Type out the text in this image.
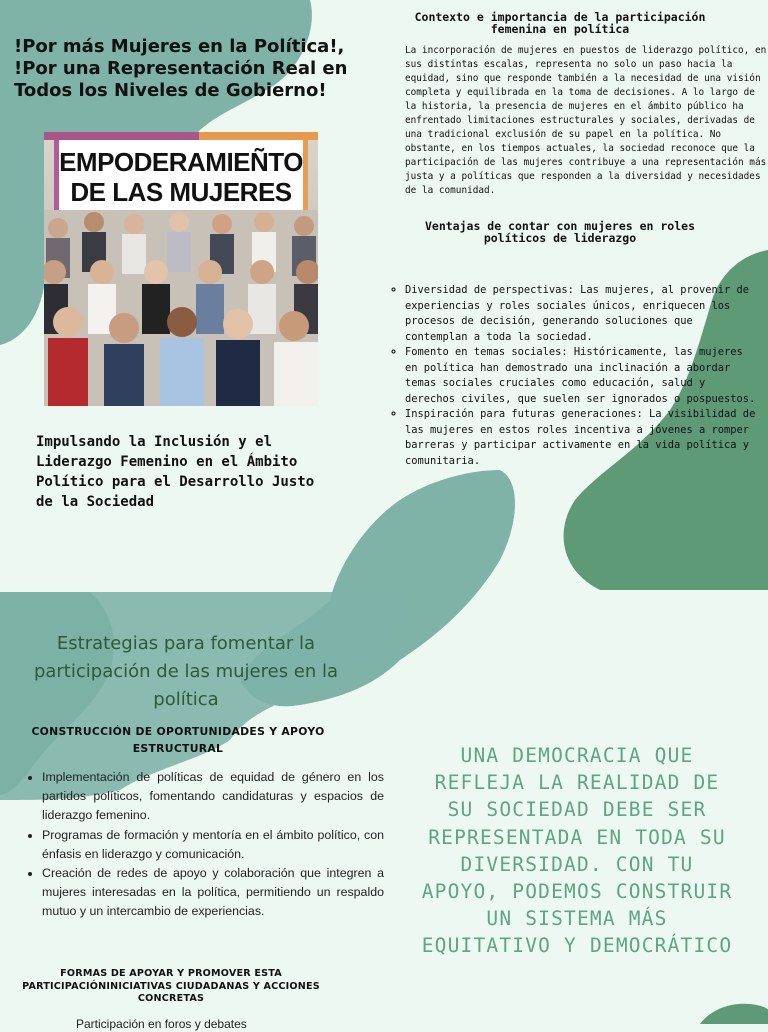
!Por más Mujeres en la Política!, !Por una Representación Real en Todos los Niveles de Gobierno!
EMPODERAMIEÑTO
DE LAS MUJERES
Impulsando la Inclusión y el Liderazgo Femenino en el Ámbito Político para el Desarrollo Justo de la Sociedad
Contexto e importancia de la participación femenina en política
La incorporación de mujeres en puestos de liderazgo político, en sus distintas escalas, representa no solo un paso hacia la equidad, sino que responde también a la necesidad de una visión completa y equilibrada en la toma de decisiones. A lo largo de la historia, la presencia de mujeres en el ámbito público ha enfrentado limitaciones estructurales y sociales, derivadas de una tradicional exclusión de su papel en la política. No obstante, en los tiempos actuales, la sociedad reconoce que la participación de las mujeres contribuye a una representación más justa y a políticas que responden a la diversidad y necesidades de la comunidad.
Ventajas de contar con mujeres en roles políticos de liderazgo
◦ Diversidad de perspectivas: Las mujeres, al provenir de experiencias y roles sociales únicos, enriquecen los procesos de decisión, generando soluciones que contemplan a toda la sociedad.
◦ Fomento en temas sociales: Históricamente, las mujeres en política han demostrado una inclinación a abordar temas sociales cruciales como educación, salud y derechos civiles, que suelen ser ignorados o pospuestos.
◦ Inspiración para futuras generaciones: La visibilidad de las mujeres en estos roles incentiva a jóvenes a romper barreras y participar activamente en la vida política y comunitaria.
Estrategias para fomentar la participación de las mujeres en la política
CONSTRUCCIÓN DE OPORTUNIDADES Y APOYO ESTRUCTURAL
• Implementación de políticas de equidad de género en los partidos políticos, fomentando candidaturas y espacios de liderazgo femenino.
• Programas de formación y mentoría en el ámbito político, con énfasis en liderazgo y comunicación.
• Creación de redes de apoyo y colaboración que integren a mujeres interesadas en la política, permitiendo un respaldo mutuo y un intercambio de experiencias.
FORMAS DE APOYAR Y PROMOVER ESTA PARTICIPACIÓNINICIATIVAS CIUDADANAS Y ACCIONES CONCRETAS
Participación en foros y debates
UNA DEMOCRACIA QUE REFLEJA LA REALIDAD DE SU SOCIEDAD DEBE SER REPRESENTADA EN TODA SU DIVERSIDAD. CON TU APOYO, PODEMOS CONSTRUIR UN SISTEMA MÁS EQUITATIVO Y DEMOCRÁTICO
